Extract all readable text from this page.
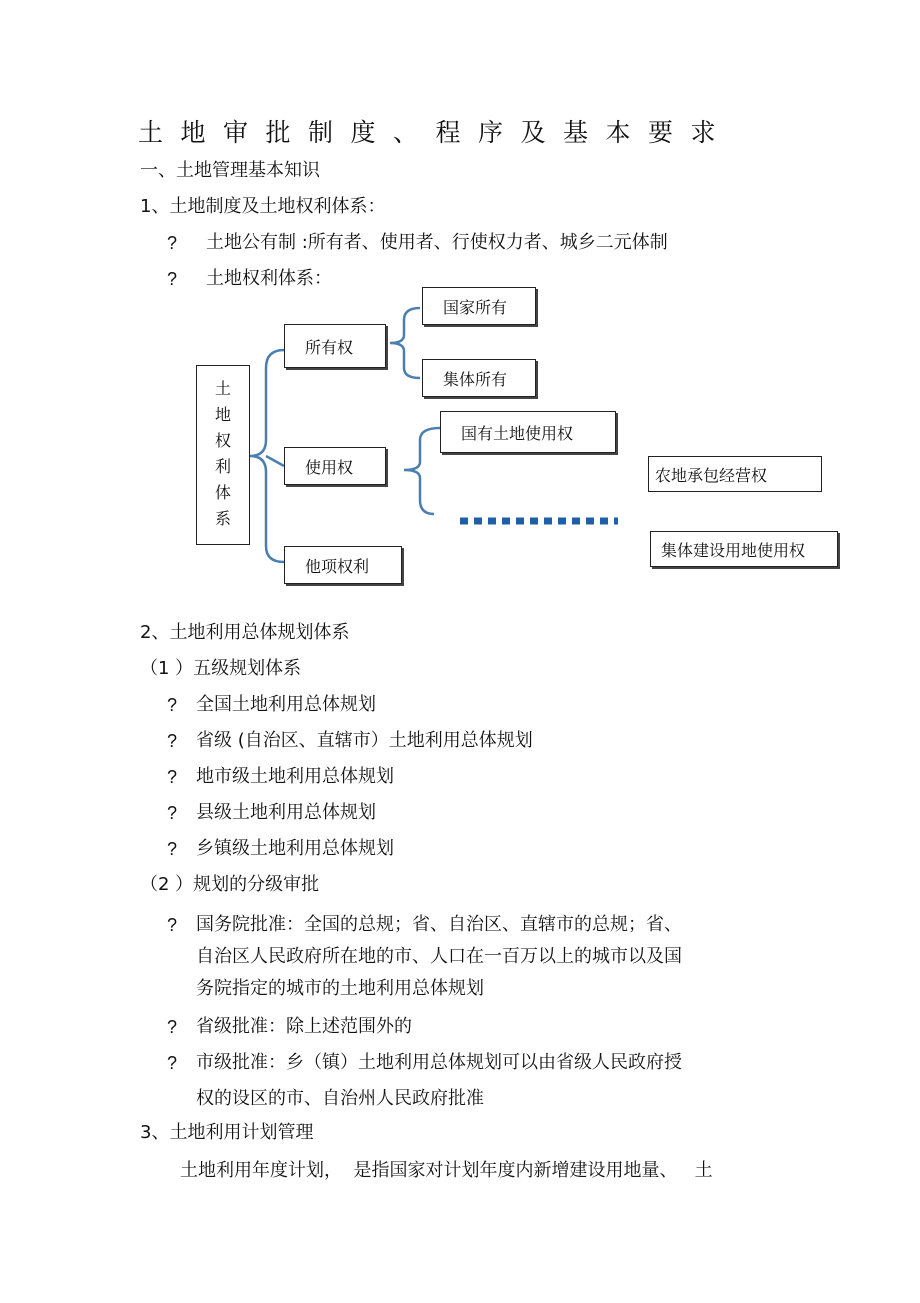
土地审批制度、程序及基本要求
一、土地管理基本知识
1、土地制度及土地权利体系：
? 土地公有制 :所有者、使用者、行使权力者、城乡二元体制
? 土地权利体系：
土
地
权
利
体
系
所有权
国家所有
集体所有
使用权
国有土地使用权
他项权利
农地承包经营权
集体建设用地使用权
2、土地利用总体规划体系
（1 ）五级规划体系
? 全国土地利用总体规划
? 省级 (自治区、直辖市）土地利用总体规划
? 地市级土地利用总体规划
? 县级土地利用总体规划
? 乡镇级土地利用总体规划
（2 ）规划的分级审批
? 国务院批准：全国的总规；省、自治区、直辖市的总规；省、
自治区人民政府所在地的市、人口在一百万以上的城市以及国
务院指定的城市的土地利用总体规划
? 省级批准：除上述范围外的
? 市级批准：乡（镇）土地利用总体规划可以由省级人民政府授
权的设区的市、自治州人民政府批准
3、土地利用计划管理
土地利用年度计划，  是指国家对计划年度内新增建设用地量、   土
